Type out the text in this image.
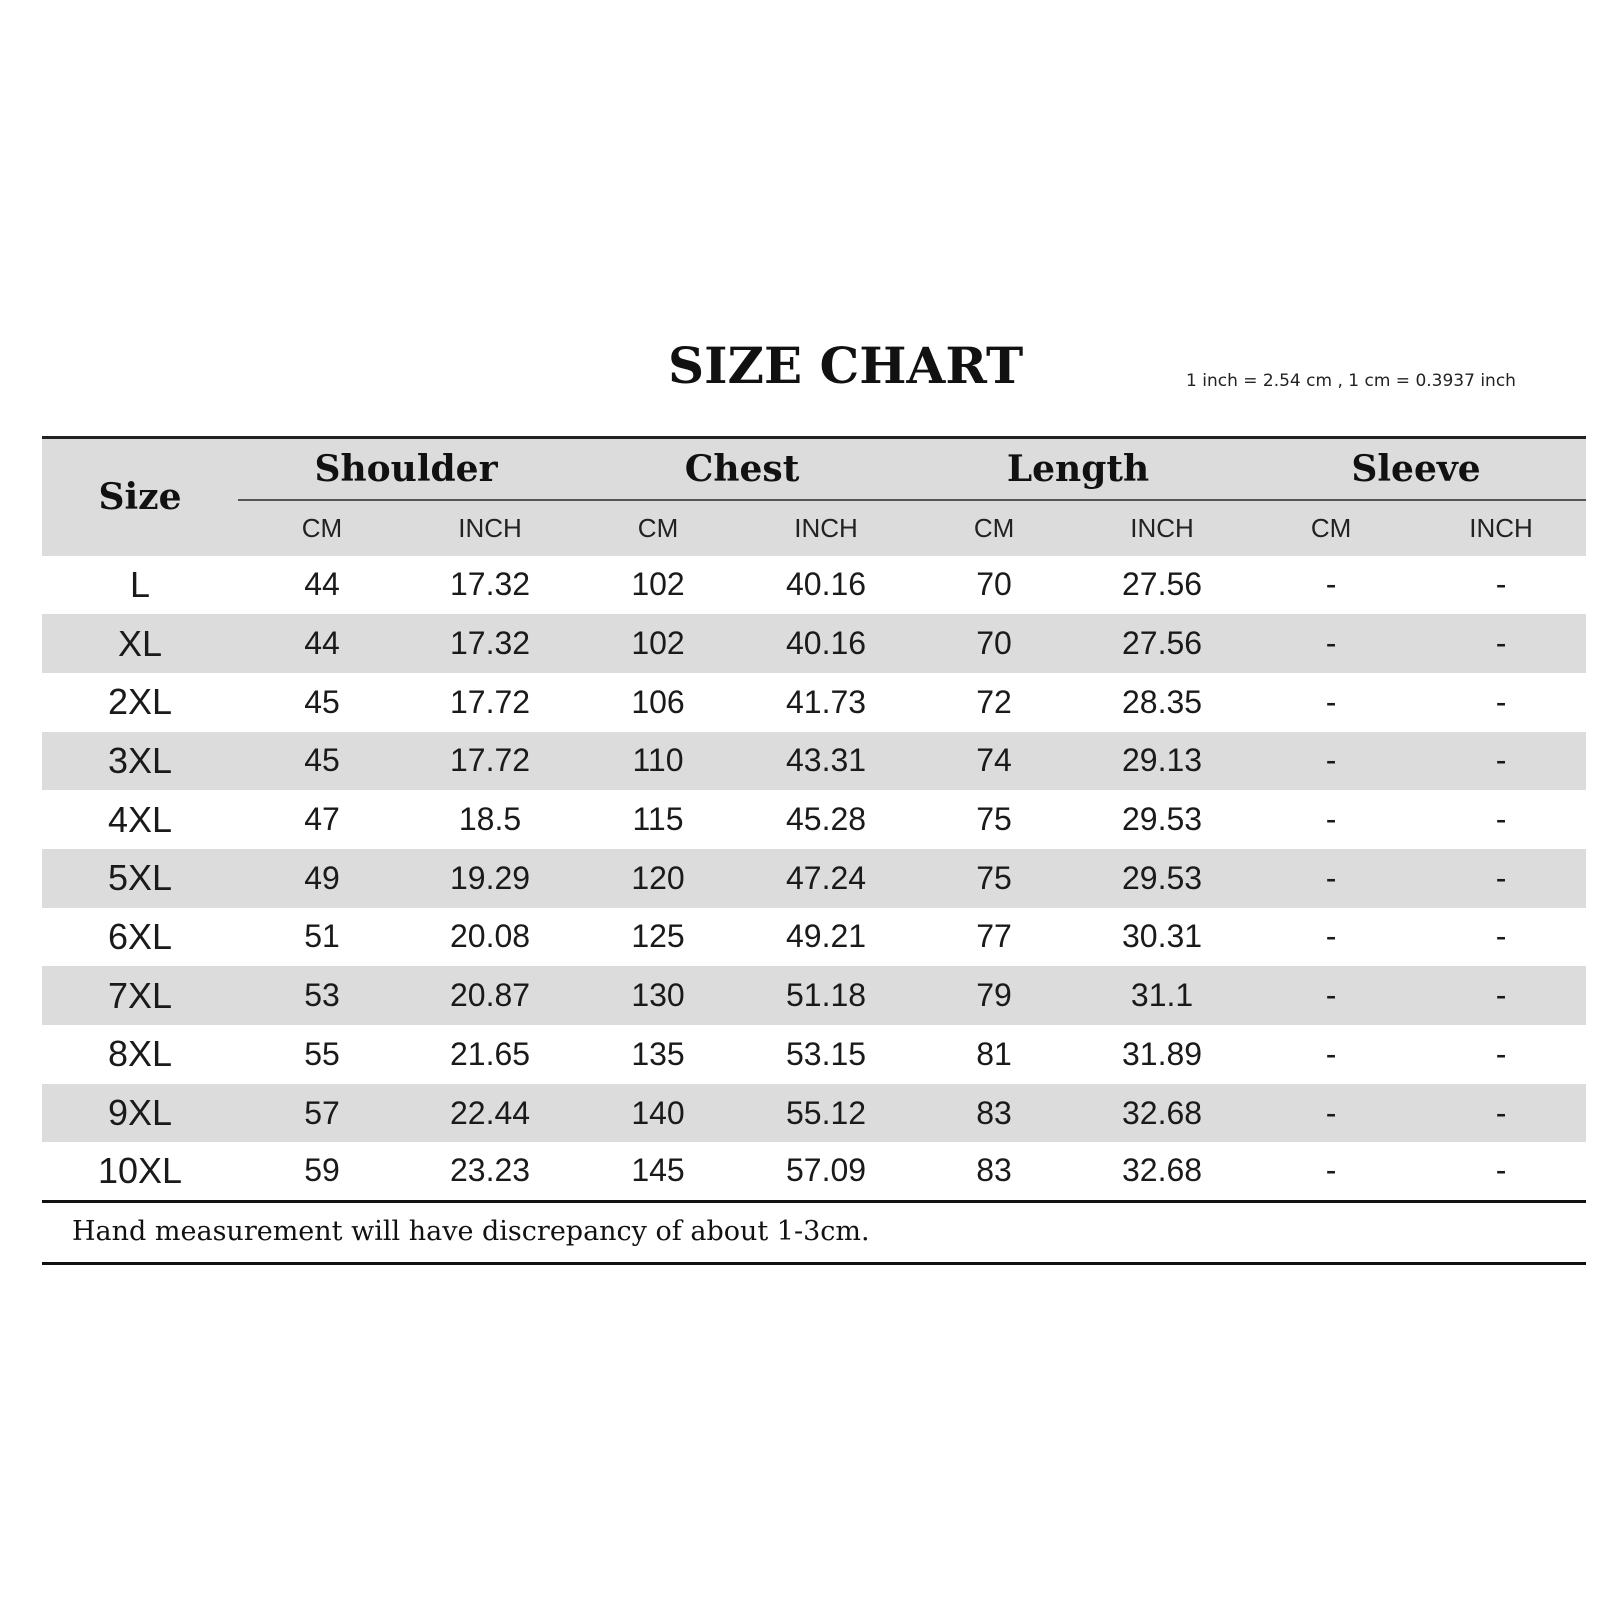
SIZE CHART	1 inch = 2.54 cm , 1 cm = 0.3937 inch
Size	Shoulder		Chest		Length		Sleeve	
	CM	INCH	CM	INCH	CM	INCH	CM	INCH
L	44	17.32	102	40.16	70	27.56	-	-
XL	44	17.32	102	40.16	70	27.56	-	-
2XL	45	17.72	106	41.73	72	28.35	-	-
3XL	45	17.72	110	43.31	74	29.13	-	-
4XL	47	18.5	115	45.28	75	29.53	-	-
5XL	49	19.29	120	47.24	75	29.53	-	-
6XL	51	20.08	125	49.21	77	30.31	-	-
7XL	53	20.87	130	51.18	79	31.1	-	-
8XL	55	21.65	135	53.15	81	31.89	-	-
9XL	57	22.44	140	55.12	83	32.68	-	-
10XL	59	23.23	145	57.09	83	32.68	-	-
Hand measurement will have discrepancy of about 1-3cm.
